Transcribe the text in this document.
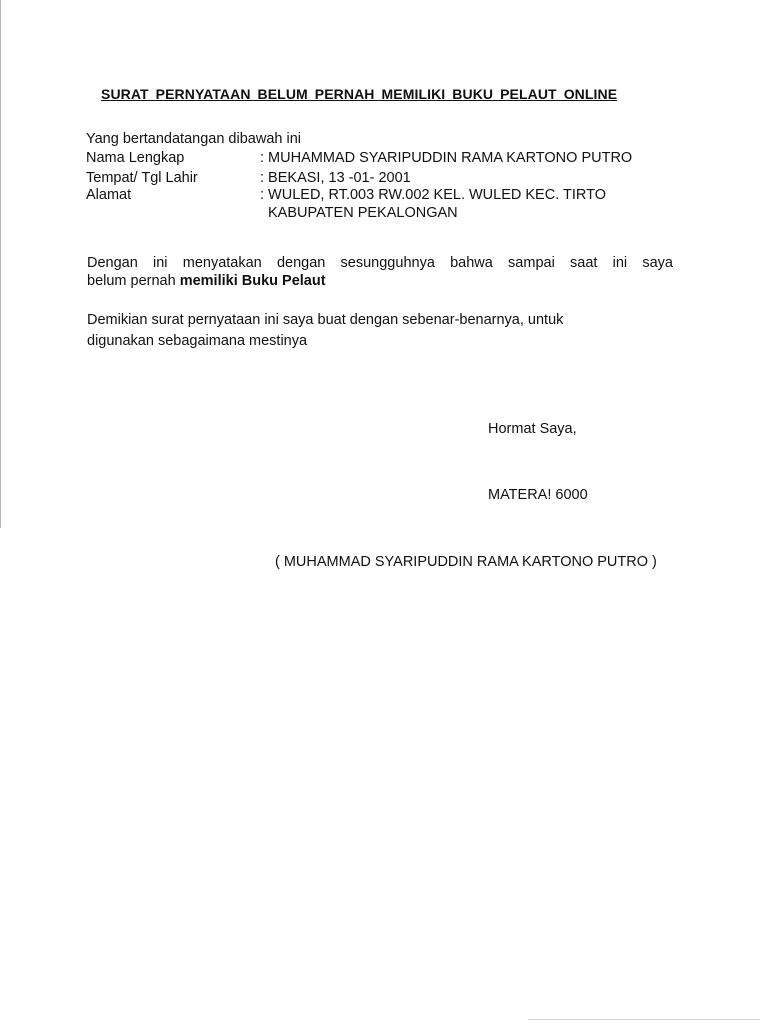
SURAT PERNYATAAN BELUM PERNAH MEMILIKI BUKU PELAUT ONLINE
Yang bertandatangan dibawah ini
Nama Lengkap	: MUHAMMAD SYARIPUDDIN RAMA KARTONO PUTRO
Tempat/ Tgl Lahir	: BEKASI, 13 -01- 2001
Alamat	: WULED, RT.003 RW.002 KEL. WULED KEC. TIRTO
KABUPATEN PEKALONGAN
Dengan ini menyatakan dengan sesungguhnya bahwa sampai saat ini saya
belum pernah memiliki Buku Pelaut
Demikian surat pernyataan ini saya buat dengan sebenar-benarnya, untuk
digunakan sebagaimana mestinya
Hormat Saya,
MATERA! 6000
( MUHAMMAD SYARIPUDDIN RAMA KARTONO PUTRO )
